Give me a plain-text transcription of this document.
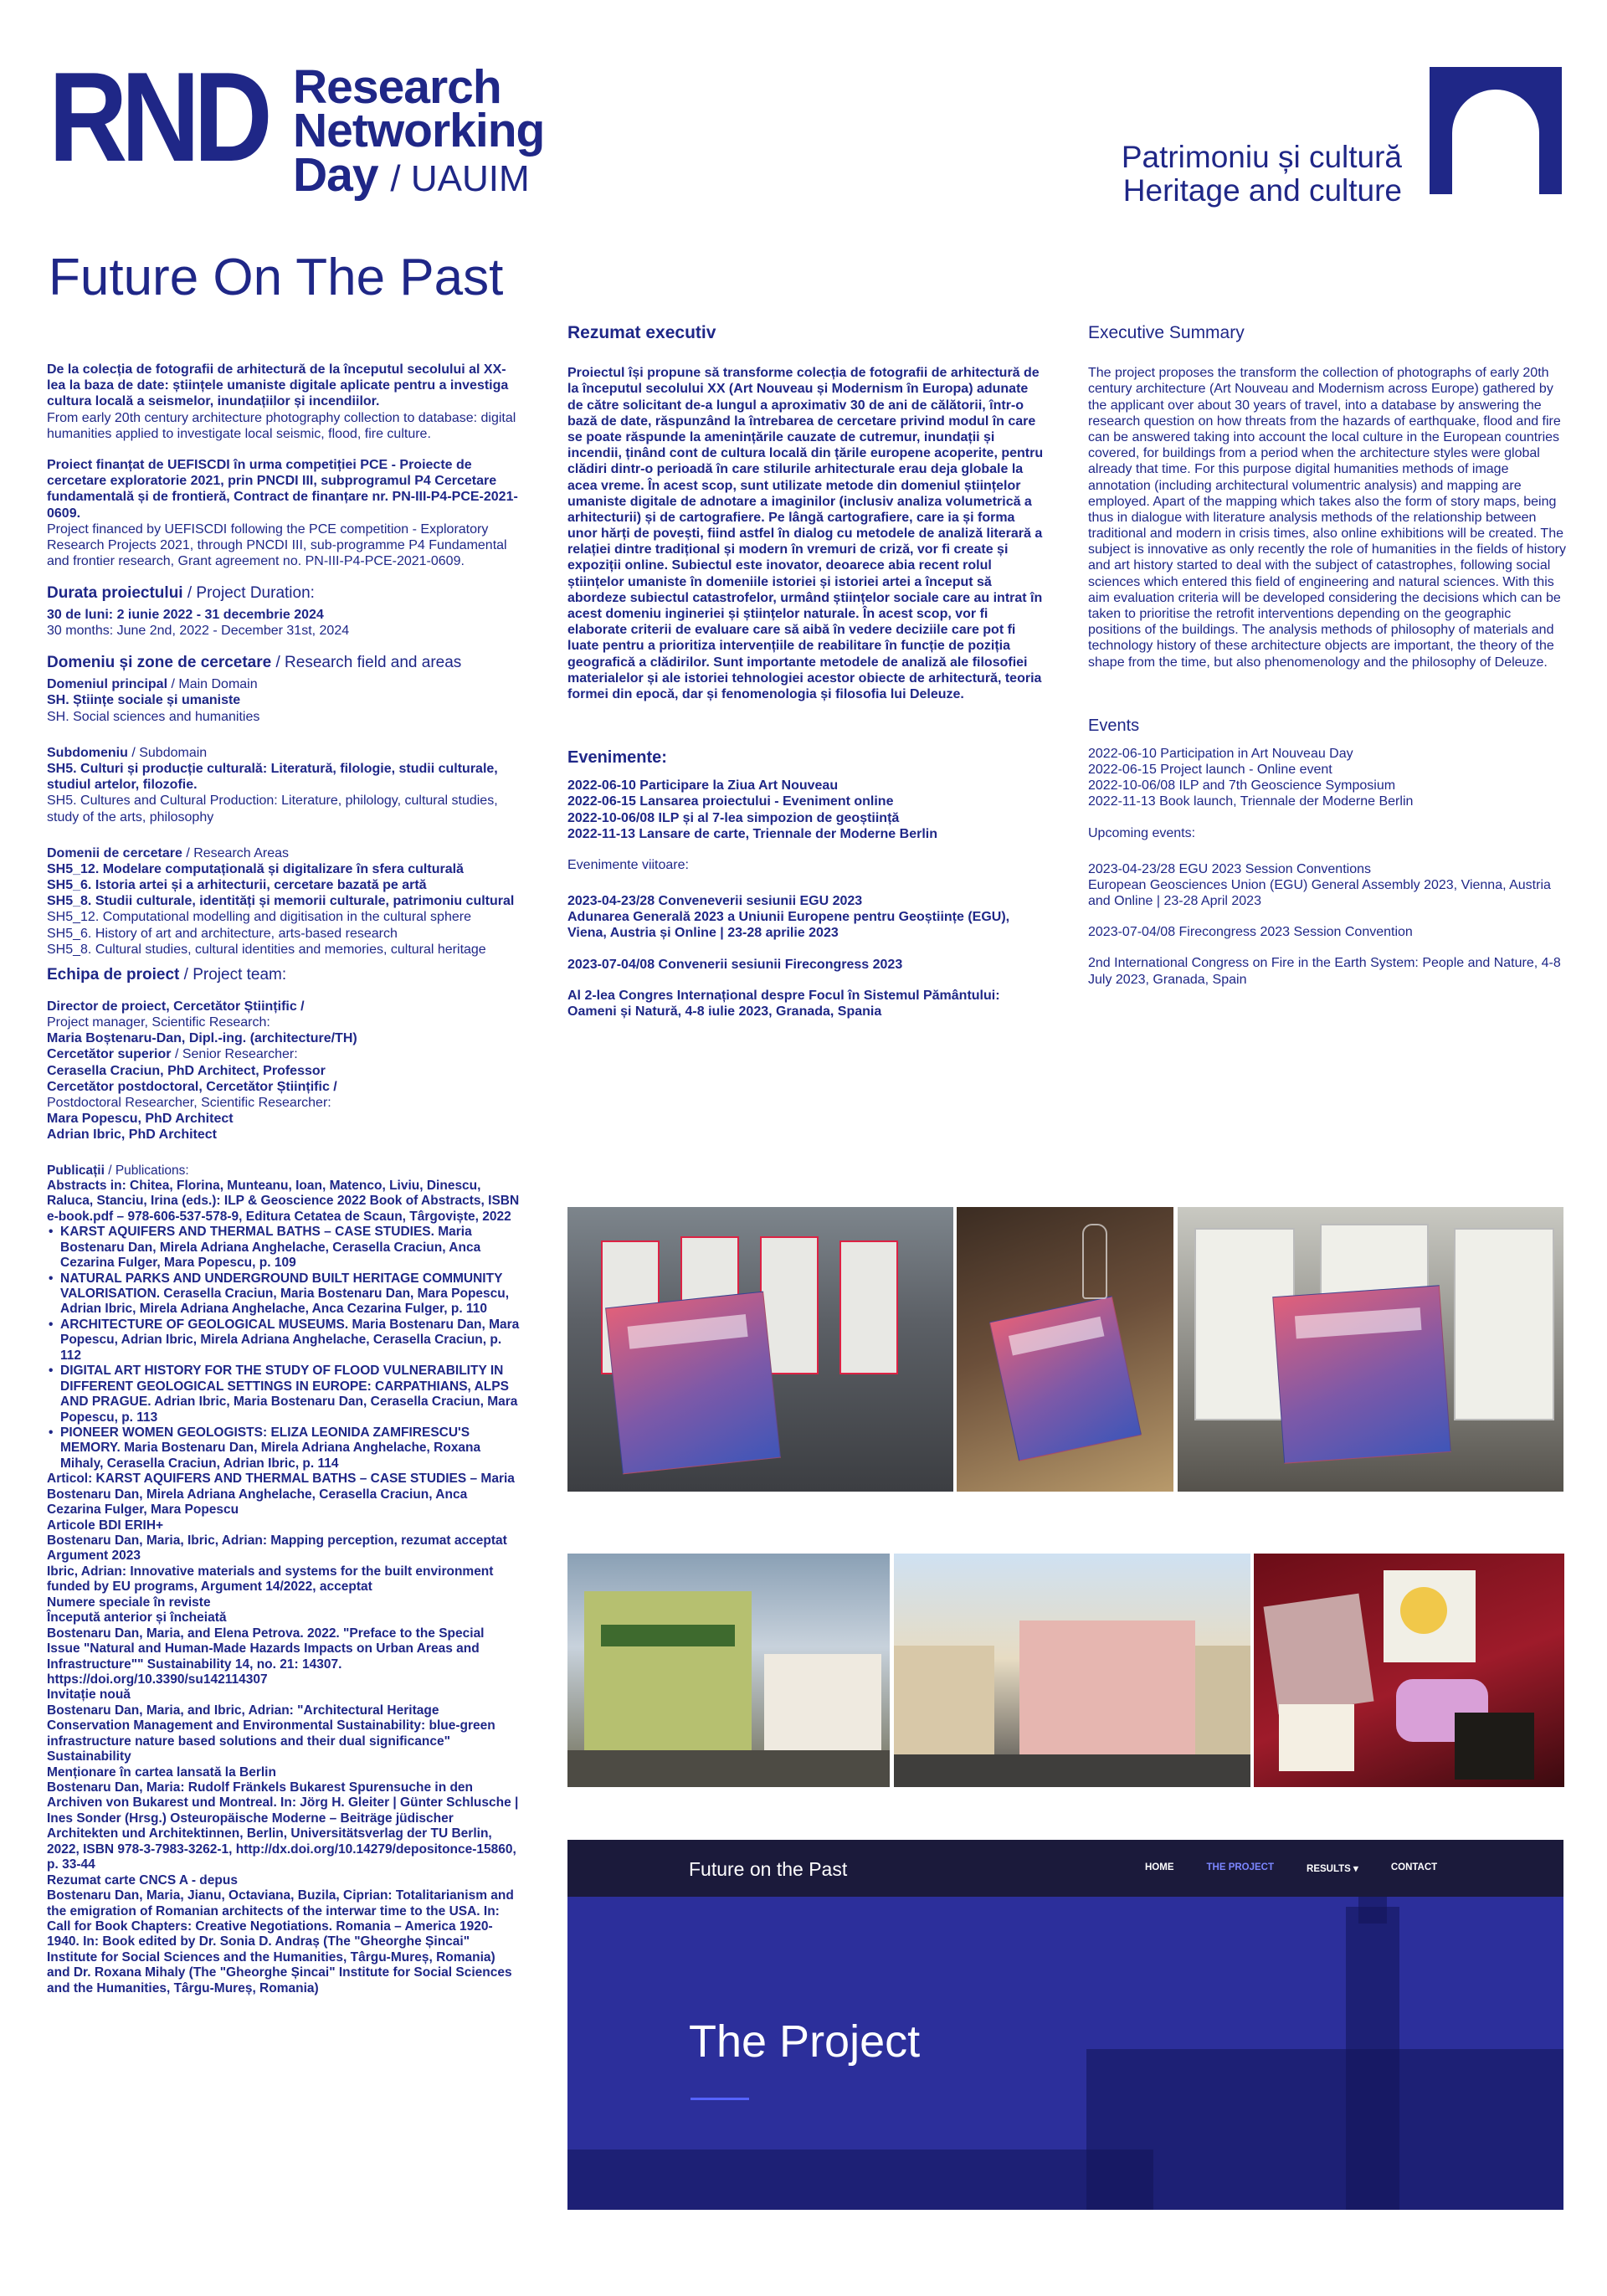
RND Research
Networking
Day / UAUIM
Patrimoniu și cultură
Heritage and culture
Future On The Past
De la colecția de fotografii de arhitectură de la începutul secolului al XX-lea la baza de date: științele umaniste digitale aplicate pentru a investiga cultura locală a seismelor, inundațiilor și incendiilor.
From early 20th century architecture photography collection to database: digital humanities applied to investigate local seismic, flood, fire culture.
Proiect finanțat de UEFISCDI în urma competiției PCE - Proiecte de cercetare exploratorie 2021, prin PNCDI III, subprogramul P4 Cercetare fundamentală și de frontieră, Contract de finanțare nr. PN-III-P4-PCE-2021-0609.
Project financed by UEFISCDI following the PCE competition - Exploratory Research Projects 2021, through PNCDI III, sub-programme P4 Fundamental and frontier research, Grant agreement no. PN-III-P4-PCE-2021-0609.
Durata proiectului / Project Duration:
30 de luni: 2 iunie 2022 - 31 decembrie 2024
30 months: June 2nd, 2022 - December 31st, 2024
Domeniu și zone de cercetare / Research field and areas
Domeniul principal / Main Domain
SH. Științe sociale și umaniste
SH. Social sciences and humanities
Subdomeniu / Subdomain
SH5. Culturi și producție culturală: Literatură, filologie, studii culturale, studiul artelor, filozofie.
SH5. Cultures and Cultural Production: Literature, philology, cultural studies, study of the arts, philosophy
Domenii de cercetare / Research Areas
SH5_12. Modelare computațională și digitalizare în sfera culturală
SH5_6. Istoria artei și a arhitecturii, cercetare bazată pe artă
SH5_8. Studii culturale, identități și memorii culturale, patrimoniu cultural
SH5_12. Computational modelling and digitisation in the cultural sphere
SH5_6. History of art and architecture, arts-based research
SH5_8. Cultural studies, cultural identities and memories, cultural heritage
Echipa de proiect / Project team:
Director de proiect, Cercetător Științific /
Project manager, Scientific Research:
Maria Boștenaru-Dan, Dipl.-ing. (architecture/TH)
Cercetător superior / Senior Researcher:
Cerasella Craciun, PhD Architect, Professor
Cercetător postdoctoral, Cercetător Științific /
Postdoctoral Researcher, Scientific Researcher:
Mara Popescu, PhD Architect
Adrian Ibric, PhD Architect
Publicații / Publications:
Abstracts in: Chitea, Florina, Munteanu, Ioan, Matenco, Liviu, Dinescu, Raluca, Stanciu, Irina (eds.): ILP & Geoscience 2022 Book of Abstracts, ISBN e-book.pdf – 978-606-537-578-9, Editura Cetatea de Scaun, Târgoviște, 2022
• KARST AQUIFERS AND THERMAL BATHS – CASE STUDIES. Maria Bostenaru Dan, Mirela Adriana Anghelache, Cerasella Craciun, Anca Cezarina Fulger, Mara Popescu, p. 109
• NATURAL PARKS AND UNDERGROUND BUILT HERITAGE COMMUNITY VALORISATION. Cerasella Craciun, Maria Bostenaru Dan, Mara Popescu, Adrian Ibric, Mirela Adriana Anghelache, Anca Cezarina Fulger, p. 110
• ARCHITECTURE OF GEOLOGICAL MUSEUMS. Maria Bostenaru Dan, Mara Popescu, Adrian Ibric, Mirela Adriana Anghelache, Cerasella Craciun, p. 112
• DIGITAL ART HISTORY FOR THE STUDY OF FLOOD VULNERABILITY IN DIFFERENT GEOLOGICAL SETTINGS IN EUROPE: CARPATHIANS, ALPS AND PRAGUE. Adrian Ibric, Maria Bostenaru Dan, Cerasella Craciun, Mara Popescu, p. 113
• PIONEER WOMEN GEOLOGISTS: ELIZA LEONIDA ZAMFIRESCU'S MEMORY. Maria Bostenaru Dan, Mirela Adriana Anghelache, Roxana Mihaly, Cerasella Craciun, Adrian Ibric, p. 114
Articol: KARST AQUIFERS AND THERMAL BATHS – CASE STUDIES – Maria Bostenaru Dan, Mirela Adriana Anghelache, Cerasella Craciun, Anca Cezarina Fulger, Mara Popescu
Articole BDI ERIH+
Bostenaru Dan, Maria, Ibric, Adrian: Mapping perception, rezumat acceptat Argument 2023
Ibric, Adrian: Innovative materials and systems for the built environment funded by EU programs, Argument 14/2022, acceptat
Numere speciale în reviste
Începută anterior și încheiată
Bostenaru Dan, Maria, and Elena Petrova. 2022. "Preface to the Special Issue "Natural and Human-Made Hazards Impacts on Urban Areas and Infrastructure"" Sustainability 14, no. 21: 14307. https://doi.org/10.3390/su142114307
Invitație nouă
Bostenaru Dan, Maria, and Ibric, Adrian: "Architectural Heritage Conservation Management and Environmental Sustainability: blue-green infrastructure nature based solutions and their dual significance" Sustainability
Menționare în cartea lansată la Berlin
Bostenaru Dan, Maria: Rudolf Fränkels Bukarest Spurensuche in den Archiven von Bukarest und Montreal. In: Jörg H. Gleiter | Günter Schlusche | Ines Sonder (Hrsg.) Osteuropäische Moderne – Beiträge jüdischer Architekten und Architektinnen, Berlin, Universitätsverlag der TU Berlin, 2022, ISBN 978-3-7983-3262-1, http://dx.doi.org/10.14279/depositonce-15860, p. 33-44
Rezumat carte CNCS A - depus
Bostenaru Dan, Maria, Jianu, Octaviana, Buzila, Ciprian: Totalitarianism and the emigration of Romanian architects of the interwar time to the USA. In: Call for Book Chapters: Creative Negotiations. Romania – America 1920-1940. In: Book edited by Dr. Sonia D. Andraș (The "Gheorghe Șincai" Institute for Social Sciences and the Humanities, Târgu-Mureș, Romania) and Dr. Roxana Mihaly (The "Gheorghe Șincai" Institute for Social Sciences and the Humanities, Târgu-Mureș, Romania)
Rezumat executiv
Proiectul își propune să transforme colecția de fotografii de arhitectură de la începutul secolului XX (Art Nouveau și Modernism în Europa) adunate de către solicitant de-a lungul a aproximativ 30 de ani de călătorii, într-o bază de date, răspunzând la întrebarea de cercetare privind modul în care se poate răspunde la amenințările cauzate de cutremur, inundații și incendii, ținând cont de cultura locală din țările europene acoperite, pentru clădiri dintr-o perioadă în care stilurile arhitecturale erau deja globale la acea vreme. În acest scop, sunt utilizate metode din domeniul științelor umaniste digitale de adnotare a imaginilor (inclusiv analiza volumetrică a arhitecturii) și de cartografiere. Pe lângă cartografiere, care ia și forma unor hărți de povești, fiind astfel în dialog cu metodele de analiză literară a relației dintre tradițional și modern în vremuri de criză, vor fi create și expoziții online. Subiectul este inovator, deoarece abia recent rolul științelor umaniste în domeniile istoriei și istoriei artei a început să abordeze subiectul catastrofelor, urmând științelor sociale care au intrat în acest domeniu ingineriei și științelor naturale. În acest scop, vor fi elaborate criterii de evaluare care să aibă în vedere deciziile care pot fi luate pentru a prioritiza intervențiile de reabilitare în funcție de poziția geografică a clădirilor. Sunt importante metodele de analiză ale filosofiei materialelor și ale istoriei tehnologiei acestor obiecte de arhitectură, teoria formei din epocă, dar și fenomenologia și filosofia lui Deleuze.
Evenimente:
2022-06-10 Participare la Ziua Art Nouveau
2022-06-15 Lansarea proiectului - Eveniment online
2022-10-06/08 ILP și al 7-lea simpozion de geoștiință
2022-11-13 Lansare de carte, Triennale der Moderne Berlin
Evenimente viitoare:
2023-04-23/28 Conveneverii sesiunii EGU 2023
Adunarea Generală 2023 a Uniunii Europene pentru Geoștiințe (EGU), Viena, Austria și Online | 23-28 aprilie 2023
2023-07-04/08 Convenerii sesiunii Firecongress 2023
Al 2-lea Congres Internațional despre Focul în Sistemul Pământului: Oameni și Natură, 4-8 iulie 2023, Granada, Spania
Executive Summary
The project proposes the transform the collection of photographs of early 20th century architecture (Art Nouveau and Modernism across Europe) gathered by the applicant over about 30 years of travel, into a database by answering the research question on how threats from the hazards of earthquake, flood and fire can be answered taking into account the local culture in the European countries covered, for buildings from a period when the architecture styles were global already that time. For this purpose digital humanities methods of image annotation (including architectural volumentric analysis) and mapping are employed. Apart of the mapping which takes also the form of story maps, being thus in dialogue with literature analysis methods of the relationship between traditional and modern in crisis times, also online exhibitions will be created. The subject is innovative as only recently the role of humanities in the fields of history and art history started to deal with the subject of catastrophes, following social sciences which entered this field of engineering and natural sciences. With this aim evaluation criteria will be developed considering the decisions which can be taken to prioritise the retrofit interventions depending on the geographic positions of the buildings. The analysis methods of philosophy of materials and technology history of these architecture objects are important, the theory of the shape from the time, but also phenomenology and the philosophy of Deleuze.
Events
2022-06-10 Participation in Art Nouveau Day
2022-06-15 Project launch - Online event
2022-10-06/08 ILP and 7th Geoscience Symposium
2022-11-13 Book launch, Triennale der Moderne Berlin
Upcoming events:
2023-04-23/28 EGU 2023 Session Conventions
European Geosciences Union (EGU) General Assembly 2023, Vienna, Austria and Online | 23-28 April 2023
2023-07-04/08 Firecongress 2023 Session Convention
2nd International Congress on Fire in the Earth System: People and Nature, 4-8 July 2023, Granada, Spain
Future on the Past	HOME	THE PROJECT	RESULTS ▾	CONTACT
The Project
